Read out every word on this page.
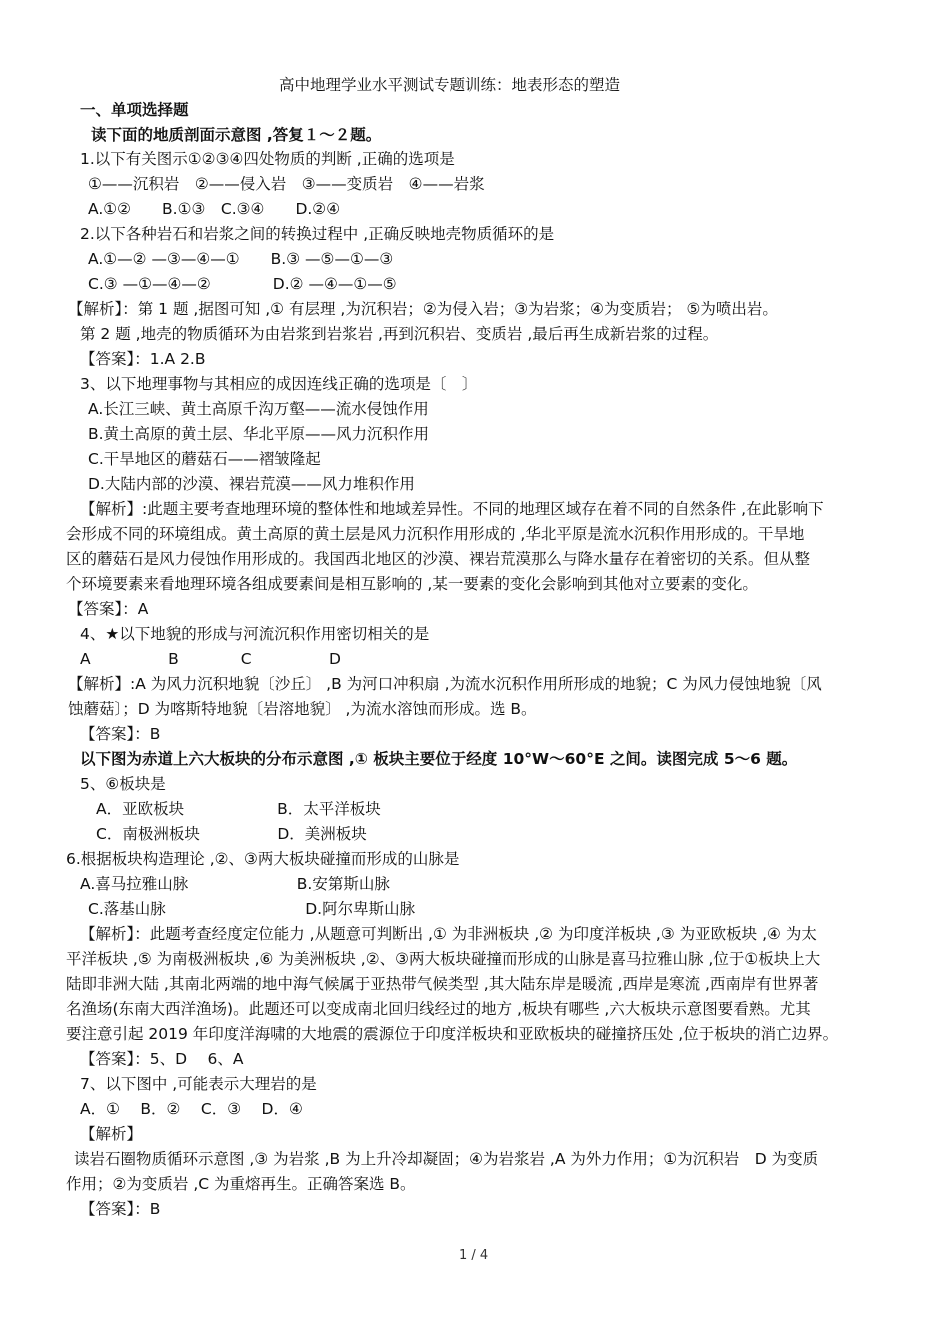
高中地理学业水平测试专题训练：地表形态的塑造
一、单项选择题
读下面的地质剖面示意图 ,答复１～２题。
1.以下有关图示①②③④四处物质的判断 ,正确的选项是
①——沉积岩　②——侵入岩　③——变质岩　④——岩浆
A.①②　　B.①③　C.③④　　D.②④
2.以下各种岩石和岩浆之间的转换过程中 ,正确反映地壳物质循环的是
A.①—② —③—④—①　　B.③ —⑤—①—③
C.③ —①—④—②　　　　D.② —④—①—⑤
【解析】：第 1 题 ,据图可知 ,① 有层理 ,为沉积岩；②为侵入岩；③为岩浆；④为变质岩； ⑤为喷出岩。
第 2 题 ,地壳的物质循环为由岩浆到岩浆岩 ,再到沉积岩、变质岩 ,最后再生成新岩浆的过程。
【答案】：1.A 2.B
3、以下地理事物与其相应的成因连线正确的选项是〔　〕
A.长江三峡、黄土高原千沟万壑——流水侵蚀作用
B.黄土高原的黄土层、华北平原——风力沉积作用
C.干旱地区的蘑菇石——褶皱隆起
D.大陆内部的沙漠、裸岩荒漠——风力堆积作用
【解析】:此题主要考查地理环境的整体性和地域差异性。不同的地理区域存在着不同的自然条件 ,在此影响下
会形成不同的环境组成。黄土高原的黄土层是风力沉积作用形成的 ,华北平原是流水沉积作用形成的。干旱地
区的蘑菇石是风力侵蚀作用形成的。我国西北地区的沙漠、裸岩荒漠那么与降水量存在着密切的关系。但从整
个环境要素来看地理环境各组成要素间是相互影响的 ,某一要素的变化会影响到其他对立要素的变化。
【答案】：A
4、★以下地貌的形成与河流沉积作用密切相关的是
A　　　　　B　　　　C　　　　　D
【解析】:A 为风力沉积地貌〔沙丘〕 ,B 为河口冲积扇 ,为流水沉积作用所形成的地貌；C 为风力侵蚀地貌〔风
蚀蘑菇〕；D 为喀斯特地貌〔岩溶地貌〕 ,为流水溶蚀而形成。选 B。
【答案】：B
以下图为赤道上六大板块的分布示意图 ,① 板块主要位于经度 10°W～60°E 之间。读图完成 5～6 题。
5、⑥板块是
A．亚欧板块　　　　　　B．太平洋板块
C．南极洲板块　　　　　D．美洲板块
6.根据板块构造理论 ,②、③两大板块碰撞而形成的山脉是
A.喜马拉雅山脉　　　　　　　B.安第斯山脉
C.落基山脉　　　　　　　　　D.阿尔卑斯山脉
【解析】：此题考查经度定位能力 ,从题意可判断出 ,① 为非洲板块 ,② 为印度洋板块 ,③ 为亚欧板块 ,④ 为太
平洋板块 ,⑤ 为南极洲板块 ,⑥ 为美洲板块 ,②、③两大板块碰撞而形成的山脉是喜马拉雅山脉 ,位于①板块上大
陆即非洲大陆 ,其南北两端的地中海气候属于亚热带气候类型 ,其大陆东岸是暖流 ,西岸是寒流 ,西南岸有世界著
名渔场(东南大西洋渔场)。此题还可以变成南北回归线经过的地方 ,板块有哪些 ,六大板块示意图要看熟。尤其
要注意引起 2019 年印度洋海啸的大地震的震源位于印度洋板块和亚欧板块的碰撞挤压处 ,位于板块的消亡边界。
【答案】：5、D　 6、A
7、以下图中 ,可能表示大理岩的是
A．①　 B．②　 C．③　 D．④
【解析】
读岩石圈物质循环示意图 ,③ 为岩浆 ,B 为上升冷却凝固；④为岩浆岩 ,A 为外力作用；①为沉积岩　D 为变质
作用；②为变质岩 ,C 为重熔再生。正确答案选 B。
【答案】：B
1 / 4
